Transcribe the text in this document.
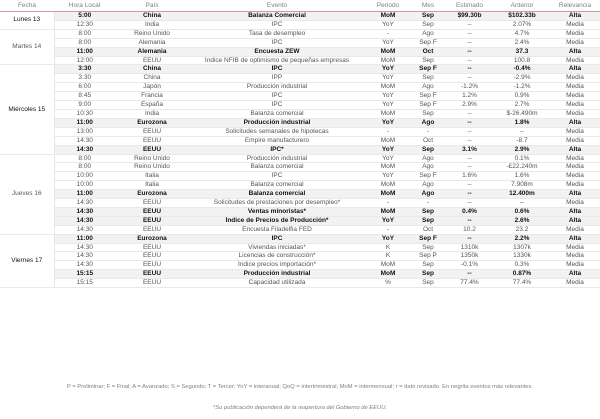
Fecha	Hora Local	País	Evento	Periodo	Mes	Estimado	Anterior	Relevancia
Lunes 13	5:00	China	Balanza Comercial	MoM	Sep	$99.30b	$102.33b	Alta
	12:30	India	IPC	YoY	Sep	--	2.07%	Media
Martes 14	8:00	Reino Unido	Tasa de desempleo	-	Ago	--	4.7%	Media
	8:00	Alemania	IPC	YoY	Sep F	--	2.4%	Media
	11:00	Alemania	Encuesta ZEW	MoM	Oct	--	37.3	Alta
	12:00	EEUU	Índice NFIB de optimismo de pequeñas empresas	MoM	Sep	--	100.8	Media
Miércoles 15	3:30	China	IPC	YoY	Sep F	--	-0.4%	Alta
	3:30	China	IPP	YoY	Sep	--	-2.9%	Media
	6:00	Japón	Producción industrial	MoM	Ago	-1.2%	-1.2%	Media
	8:45	Francia	IPC	YoY	Sep F	1.2%	0.9%	Media
	9:00	España	IPC	YoY	Sep F	2.9%	2.7%	Media
	10:30	India	Balanza comercial	MoM	Sep	--	$-26.490m	Media
	11:00	Eurozona	Producción industrial	YoY	Ago	--	1.8%	Alta
	13:00	EEUU	Solicitudes semanales de hipotecas	-	-	--	--	Media
	14:30	EEUU	Empire manufacturero	MoM	Oct	--	-8.7	Media
	14:30	EEUU	IPC*	YoY	Sep	3.1%	2.9%	Alta
Jueves 16	8:00	Reino Unido	Producción industrial	YoY	Ago	--	0.1%	Media
	8:00	Reino Unido	Balanza comercial	MoM	Ago	--	-£22.240m	Media
	10:00	Italia	IPC	YoY	Sep F	1.6%	1.6%	Media
	10:00	Italia	Balanza comercial	MoM	Ago	--	7.908m	Media
	11:00	Eurozona	Balanza comercial	MoM	Ago	--	12.400m	Alta
	14:30	EEUU	Solicitudes de prestaciones por desempleo*	-	-	--	--	Media
	14:30	EEUU	Ventas minoristas*	MoM	Sep	0.4%	0.6%	Alta
	14:30	EEUU	Índice de Precios de Producción*	YoY	Sep	--	2.6%	Alta
	14:30	EEUU	Encuesta Filadelfia FED	-	Oct	10.2	23.2	Media
Viernes 17	11:00	Eurozona	IPC	YoY	Sep F	--	2.2%	Alta
	14:30	EEUU	Viviendas iniciadas*	K	Sep	1310k	1307k	Media
	14:30	EEUU	Licencias de construcción*	K	Sep P	1350k	1330k	Media
	14:30	EEUU	Índice precios importación*	MoM	Sep	-0.1%	0.3%	Media
	15:15	EEUU	Producción industrial	MoM	Sep	--	0.87%	Alta
	15:15	EEUU	Capacidad utilizada	%	Sep	77.4%	77.4%	Media
P = Preliminar; F = Final; A = Avanzado; S = Segundo; T = Tercer; YoY = interanual; QoQ = intertrimestral; MoM = intermensual; r = dato revisado. En negrita eventos más relevantes.
*Su publicación dependerá de la reapertura del Gobierno de EEUU.
